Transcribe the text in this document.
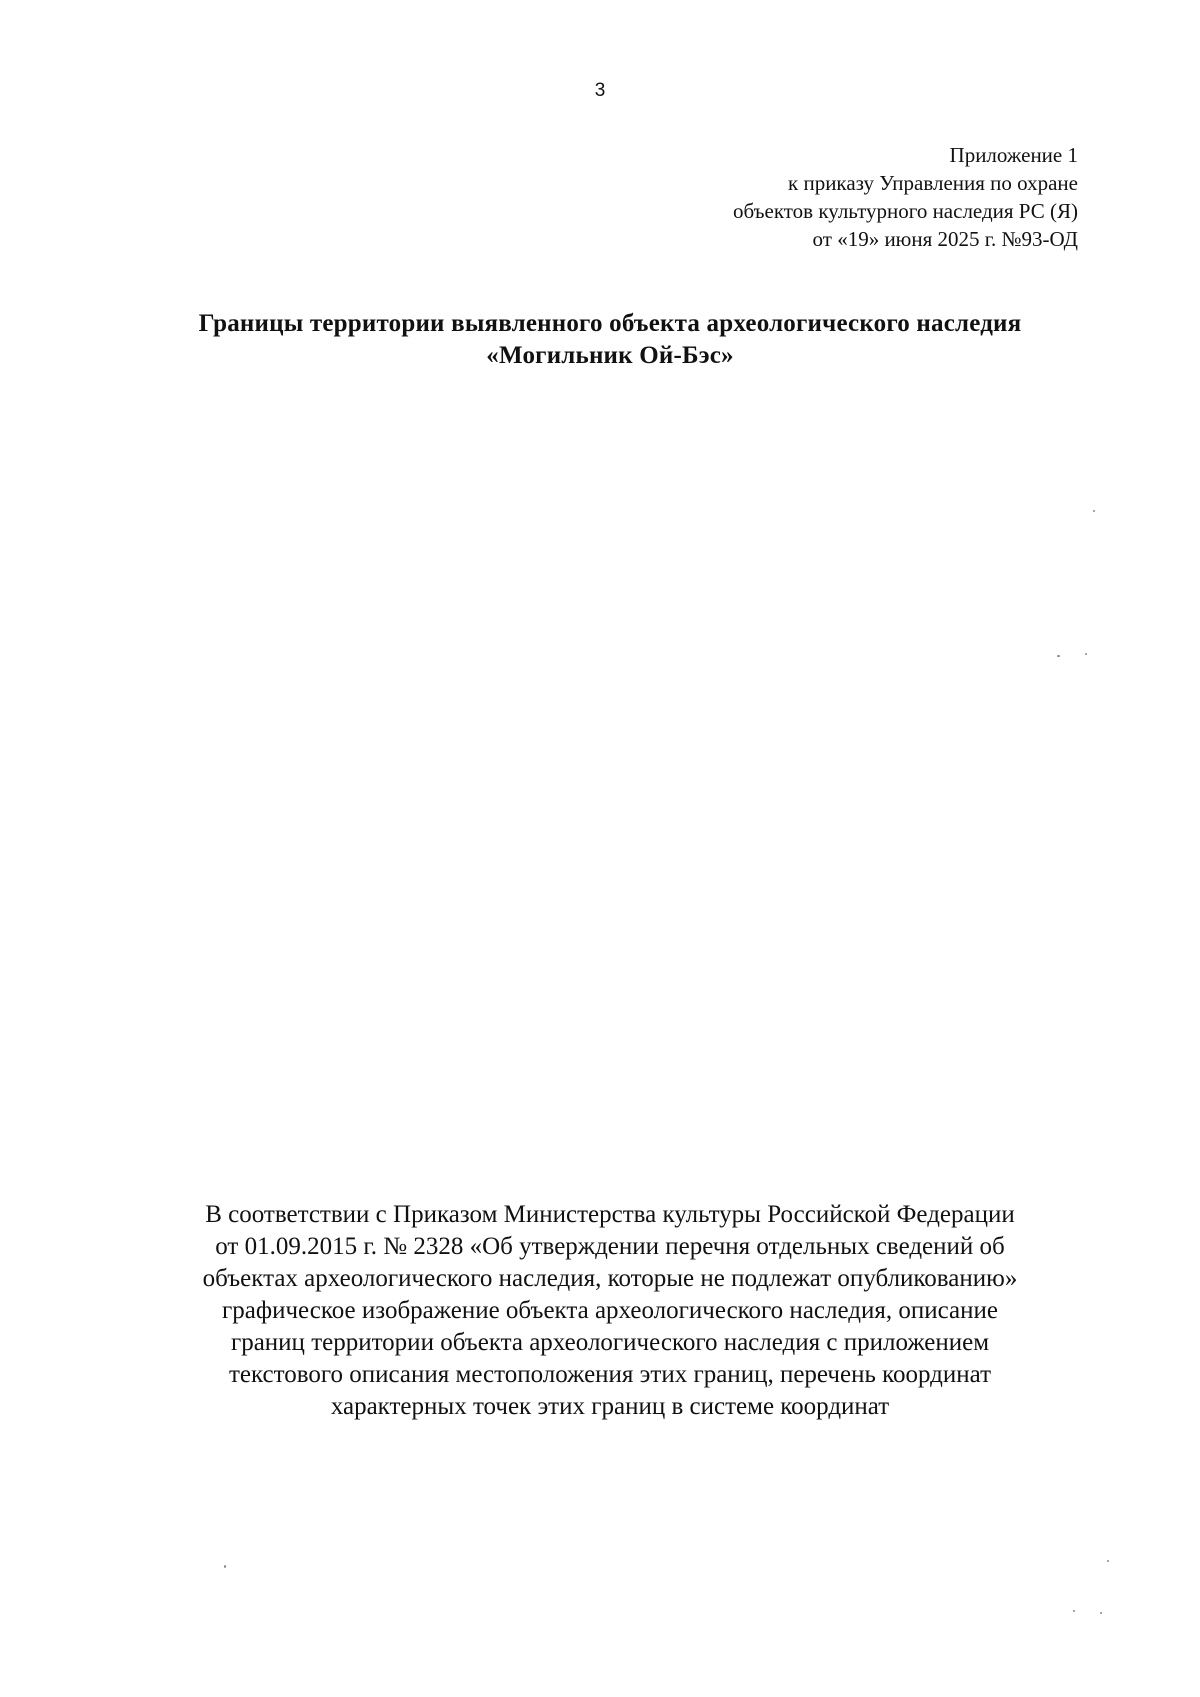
3
Приложение 1
к приказу Управления по охране
объектов культурного наследия РС (Я)
от «19» июня 2025 г. №93-ОД
Границы территории выявленного объекта археологического наследия
«Могильник Ой-Бэс»
В соответствии с Приказом Министерства культуры Российской Федерации
от 01.09.2015 г. № 2328 «Об утверждении перечня отдельных сведений об
объектах археологического наследия, которые не подлежат опубликованию»
графическое изображение объекта археологического наследия, описание
границ территории объекта археологического наследия с приложением
текстового описания местоположения этих границ, перечень координат
характерных точек этих границ в системе координат
